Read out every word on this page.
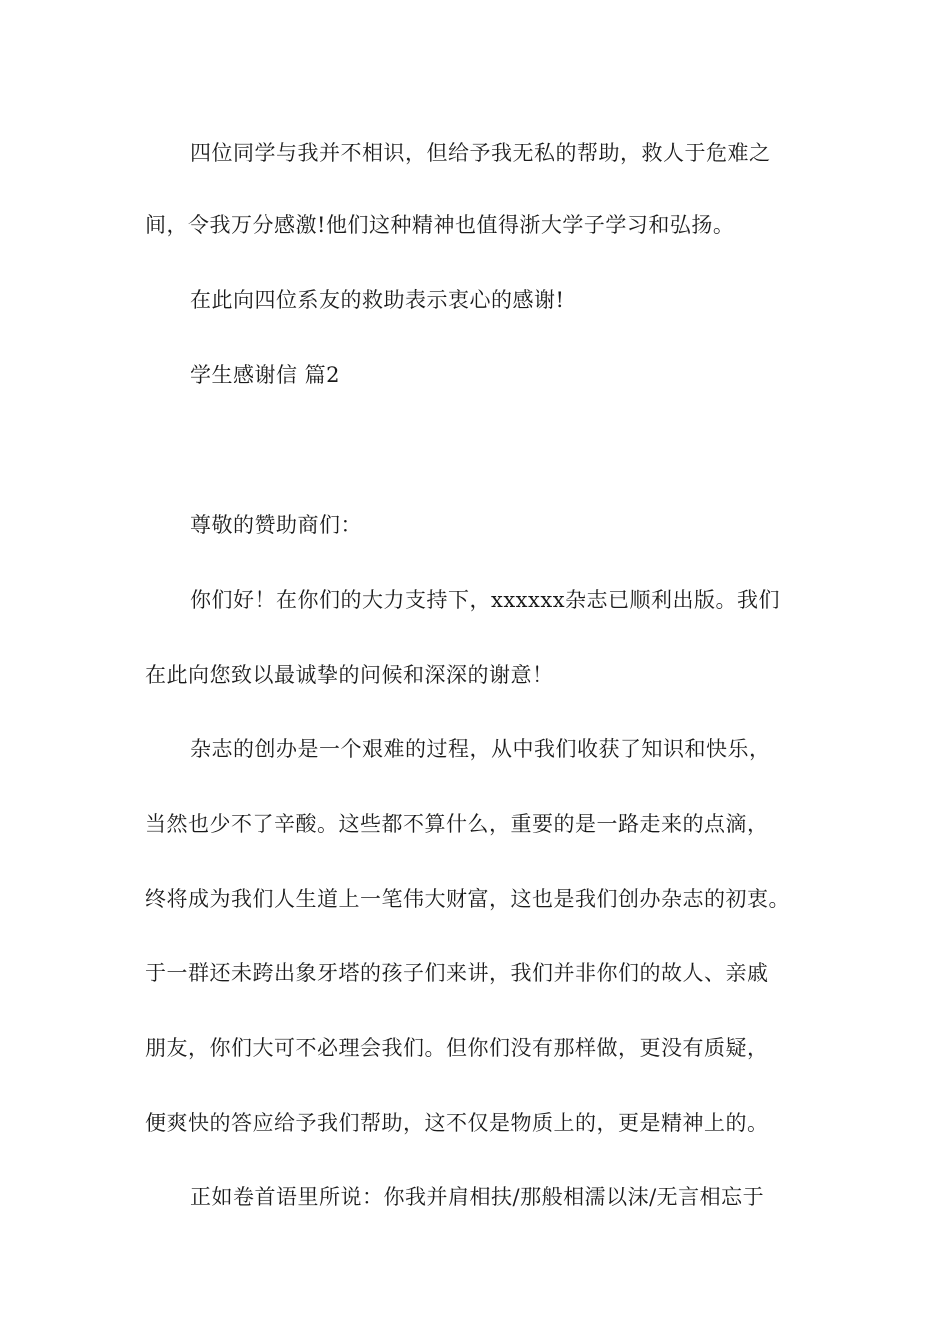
四位同学与我并不相识，但给予我无私的帮助，救人于危难之
间，令我万分感激!他们这种精神也值得浙大学子学习和弘扬。
在此向四位系友的救助表示衷心的感谢!
学生感谢信 篇2
尊敬的赞助商们：
你们好！在你们的大力支持下，xxxxxx杂志已顺利出版。我们
在此向您致以最诚挚的问候和深深的谢意！
杂志的创办是一个艰难的过程，从中我们收获了知识和快乐，
当然也少不了辛酸。这些都不算什么，重要的是一路走来的点滴，
终将成为我们人生道上一笔伟大财富，这也是我们创办杂志的初衷。
于一群还未跨出象牙塔的孩子们来讲，我们并非你们的故人、亲戚
朋友，你们大可不必理会我们。但你们没有那样做，更没有质疑，
便爽快的答应给予我们帮助，这不仅是物质上的，更是精神上的。
正如卷首语里所说：你我并肩相扶/那般相濡以沫/无言相忘于
